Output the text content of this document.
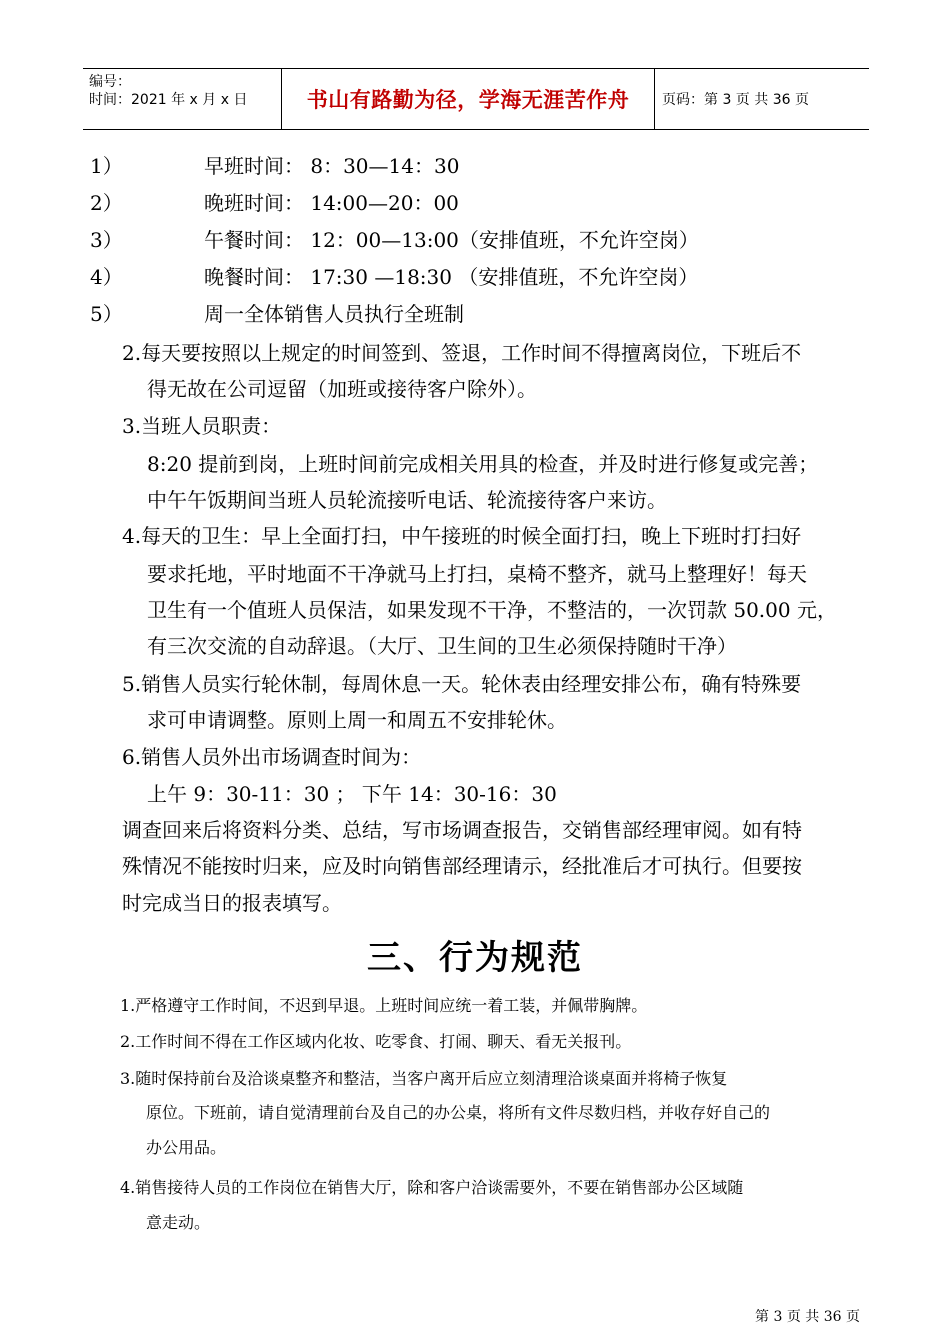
编号：
时间：2021 年 x 月 x 日	书山有路勤为径，学海无涯苦作舟 页码：第 3 页 共 36 页
1）	早班时间： 8：30—14：30
2）	晚班时间： 14:00—20：00
3）	午餐时间： 12：00—13:00（安排值班，不允许空岗）
4）	晚餐时间： 17:30 —18:30 （安排值班，不允许空岗）
5）	周一全体销售人员执行全班制
2.每天要按照以上规定的时间签到、签退，工作时间不得擅离岗位，下班后不
得无故在公司逗留（加班或接待客户除外）。
3.当班人员职责：
8:20 提前到岗，上班时间前完成相关用具的检查，并及时进行修复或完善；
中午午饭期间当班人员轮流接听电话、轮流接待客户来访。
4.每天的卫生：早上全面打扫，中午接班的时候全面打扫，晚上下班时打扫好
要求托地，平时地面不干净就马上打扫，桌椅不整齐，就马上整理好！每天
卫生有一个值班人员保洁，如果发现不干净，不整洁的，一次罚款 50.00 元，
有三次交流的自动辞退。（大厅、卫生间的卫生必须保持随时干净）
5.销售人员实行轮休制，每周休息一天。轮休表由经理安排公布，确有特殊要
求可申请调整。原则上周一和周五不安排轮休。
6.销售人员外出市场调查时间为：
上午 9：30-11：30 ； 下午 14：30-16：30
调查回来后将资料分类、总结，写市场调查报告，交销售部经理审阅。如有特
殊情况不能按时归来，应及时向销售部经理请示，经批准后才可执行。但要按
时完成当日的报表填写。
三、行为规范
1.严格遵守工作时间，不迟到早退。上班时间应统一着工装，并佩带胸牌。
2.工作时间不得在工作区域内化妆、吃零食、打闹、聊天、看无关报刊。
3.随时保持前台及洽谈桌整齐和整洁，当客户离开后应立刻清理洽谈桌面并将椅子恢复
原位。下班前，请自觉清理前台及自己的办公桌，将所有文件尽数归档，并收存好自己的
办公用品。
4.销售接待人员的工作岗位在销售大厅，除和客户洽谈需要外，不要在销售部办公区域随
意走动。
第 3 页 共 36 页
